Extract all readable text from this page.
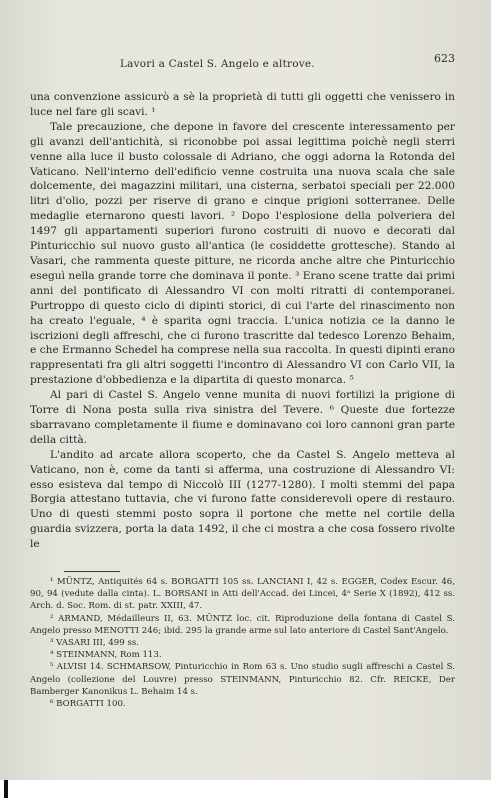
Lavori a Castel S. Angelo e altrove.	623

una convenzione assicurò a sè la proprietà di tutti gli oggetti che venissero in luce nel fare gli scavi. ¹

Tale precauzione, che depone in favore del crescente interessamento per gli avanzi dell'antichità, si riconobbe poi assai legittima poichè negli sterri venne alla luce il busto colossale di Adriano, che oggi adorna la Rotonda del Vaticano. Nell'interno dell'edificio venne costruita una nuova scala che sale dolcemente, dei magazzini militari, una cisterna, serbatoi speciali per 22.000 litri d'olio, pozzi per riserve di grano e cinque prigioni sotterranee. Delle medaglie eternarono questi lavori. ² Dopo l'esplosione della polveriera del 1497 gli appartamenti superiori furono costruiti di nuovo e decorati dal Pinturicchio sul nuovo gusto all'antica (le cosiddette grottesche). Stando al Vasari, che rammenta queste pitture, ne ricorda anche altre che Pinturicchio eseguì nella grande torre che dominava il ponte. ³ Erano scene tratte dai primi anni del pontificato di Alessandro VI con molti ritratti di contemporanei. Purtroppo di questo ciclo di dipinti storici, di cui l'arte del rinascimento non ha creato l'eguale, ⁴ è sparita ogni traccia. L'unica notizia ce la danno le iscrizioni degli affreschi, che ci furono trascritte dal tedesco Lorenzo Behaim, e che Ermanno Schedel ha comprese nella sua raccolta. In questi dipinti erano rappresentati fra gli altri soggetti l'incontro di Alessandro VI con Carlo VII, la prestazione d'obbedienza e la dipartita di questo monarca. ⁵

Al pari di Castel S. Angelo venne munita di nuovi fortilizi la prigione di Torre di Nona posta sulla riva sinistra del Tevere. ⁶ Queste due fortezze sbarravano completamente il fiume e dominavano coi loro cannoni gran parte della città.

L'andito ad arcate allora scoperto, che da Castel S. Angelo metteva al Vaticano, non è, come da tanti si afferma, una costruzione di Alessandro VI: esso esisteva dal tempo di Niccolò III (1277-1280). I molti stemmi del papa Borgia attestano tuttavia, che vi furono fatte considerevoli opere di restauro. Uno di questi stemmi posto sopra il portone che mette nel cortile della guardia svizzera, porta la data 1492, il che ci mostra a che cosa fossero rivolte le

¹ MÜNTZ, Antiquités 64 s. BORGATTI 105 ss. LANCIANI I, 42 s. EGGER, Codex Escur. 46, 90, 94 (vedute dalla cinta). L. BORSANI in Atti dell'Accad. dei Lincei, 4ᵃ Serie X (1892), 412 ss. Arch. d. Soc. Rom. di st. patr. XXIII, 47.

² ARMAND, Médailleurs II, 63. MÜNTZ loc. cit. Riproduzione della fontana di Castel S. Angelo presso MENOTTI 246; ibid. 295 la grande arme sul lato anteriore di Castel Sant'Angelo.

³ VASARI III, 499 ss.

⁴ STEINMANN, Rom 113.

⁵ ALVISI 14. SCHMARSOW, Pinturicchio in Rom 63 s. Uno studio sugli affreschi a Castel S. Angelo (collezione del Louvre) presso STEINMANN, Pinturicchio 82. Cfr. REICKE, Der Bamberger Kanonikus L. Behaim 14 s.

⁶ BORGATTI 100.
